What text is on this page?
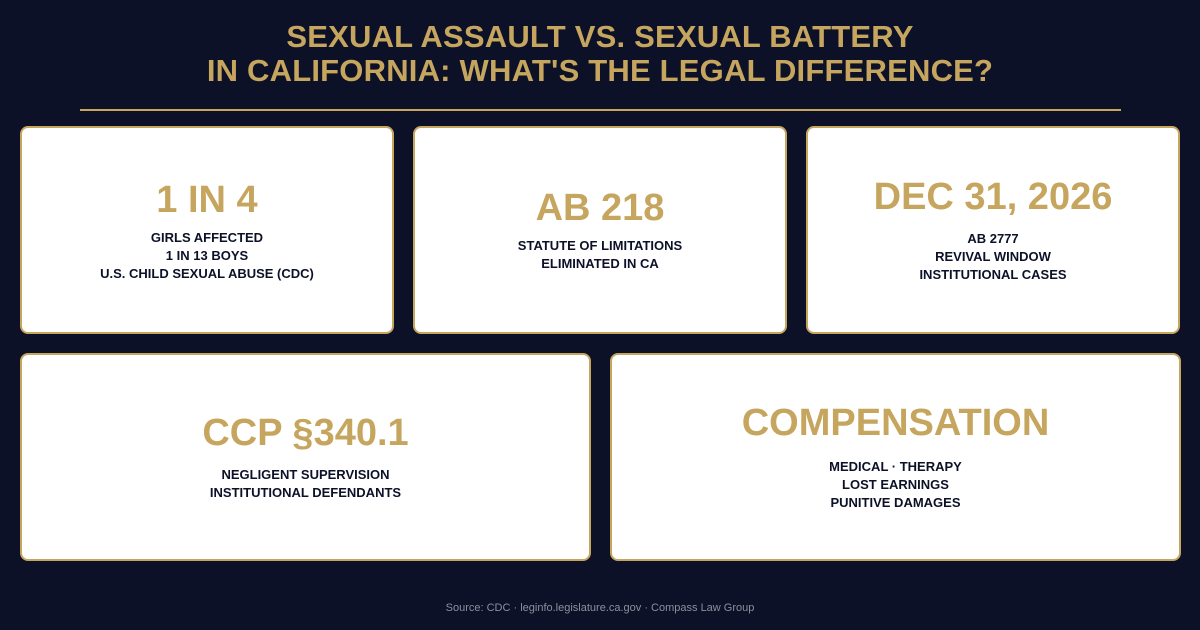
SEXUAL ASSAULT VS. SEXUAL BATTERY
IN CALIFORNIA: WHAT'S THE LEGAL DIFFERENCE?
1 IN 4
GIRLS AFFECTED
1 IN 13 BOYS
U.S. CHILD SEXUAL ABUSE (CDC)
AB 218
STATUTE OF LIMITATIONS
ELIMINATED IN CA
DEC 31, 2026
AB 2777
REVIVAL WINDOW
INSTITUTIONAL CASES
CCP §340.1
NEGLIGENT SUPERVISION
INSTITUTIONAL DEFENDANTS
COMPENSATION
MEDICAL · THERAPY
LOST EARNINGS
PUNITIVE DAMAGES
Source: CDC · leginfo.legislature.ca.gov · Compass Law Group
